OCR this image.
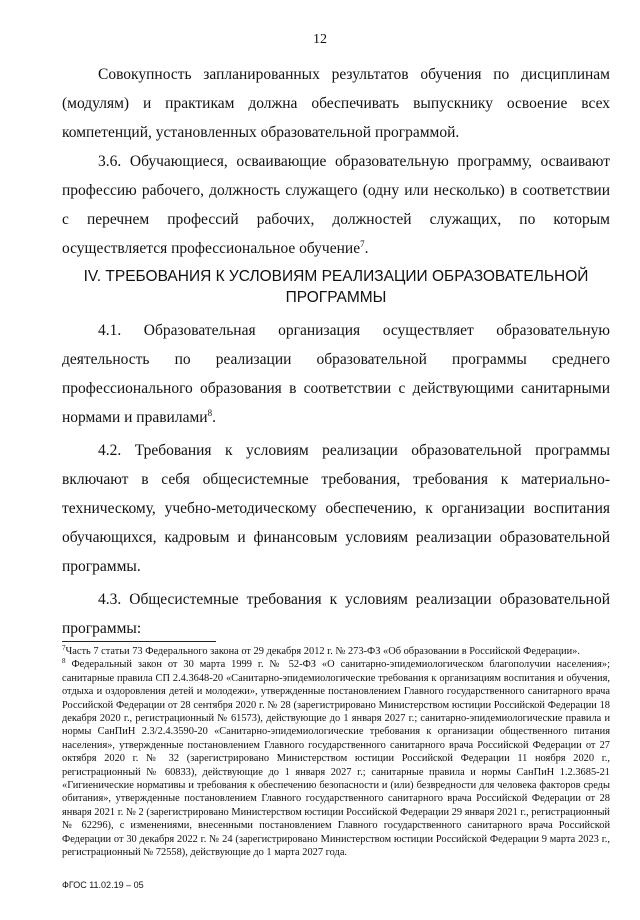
12

Совокупность запланированных результатов обучения по дисциплинам (модулям) и практикам должна обеспечивать выпускнику освоение всех компетенций, установленных образовательной программой.

3.6. Обучающиеся, осваивающие образовательную программу, осваивают профессию рабочего, должность служащего (одну или несколько) в соответствии с перечнем профессий рабочих, должностей служащих, по которым осуществляется профессиональное обучение$^7$.

IV. ТРЕБОВАНИЯ К УСЛОВИЯМ РЕАЛИЗАЦИИ ОБРАЗОВАТЕЛЬНОЙ
ПРОГРАММЫ

4.1. Образовательная организация осуществляет образовательную деятельность по реализации образовательной программы среднего профессионального образования в соответствии с действующими санитарными нормами и правилами$^8$.

4.2. Требования к условиям реализации образовательной программы включают в себя общесистемные требования, требования к материально-техническому, учебно-методическому обеспечению, к организации воспитания обучающихся, кадровым и финансовым условиям реализации образовательной программы.

4.3. Общесистемные требования к условиям реализации образовательной программы:

$^7$Часть 7 статьи 73 Федерального закона от 29 декабря 2012 г. № 273-ФЗ «Об образовании в Российской Федерации».

$^8$ Федеральный закон от 30 марта 1999 г. № 52-ФЗ «О санитарно-эпидемиологическом благополучии населения»; санитарные правила СП 2.4.3648-20 «Санитарно-эпидемиологические требования к организациям воспитания и обучения, отдыха и оздоровления детей и молодежи», утвержденные постановлением Главного государственного санитарного врача Российской Федерации от 28 сентября 2020 г. № 28 (зарегистрировано Министерством юстиции Российской Федерации 18 декабря 2020 г., регистрационный № 61573), действующие до 1 января 2027 г.; санитарно-эпидемиологические правила и нормы СанПиН 2.3/2.4.3590-20 «Санитарно-эпидемиологические требования к организации общественного питания населения», утвержденные постановлением Главного государственного санитарного врача Российской Федерации от 27 октября 2020 г. № 32 (зарегистрировано Министерством юстиции Российской Федерации 11 ноября 2020 г., регистрационный № 60833), действующие до 1 января 2027 г.; санитарные правила и нормы СанПиН 1.2.3685-21 «Гигиенические нормативы и требования к обеспечению безопасности и (или) безвредности для человека факторов среды обитания», утвержденные постановлением Главного государственного санитарного врача Российской Федерации от 28 января 2021 г. № 2 (зарегистрировано Министерством юстиции Российской Федерации 29 января 2021 г., регистрационный № 62296), с изменениями, внесенными постановлением Главного государственного санитарного врача Российской Федерации от 30 декабря 2022 г. № 24 (зарегистрировано Министерством юстиции Российской Федерации 9 марта 2023 г., регистрационный № 72558), действующие до 1 марта 2027 года.

ФГОС 11.02.19 – 05
